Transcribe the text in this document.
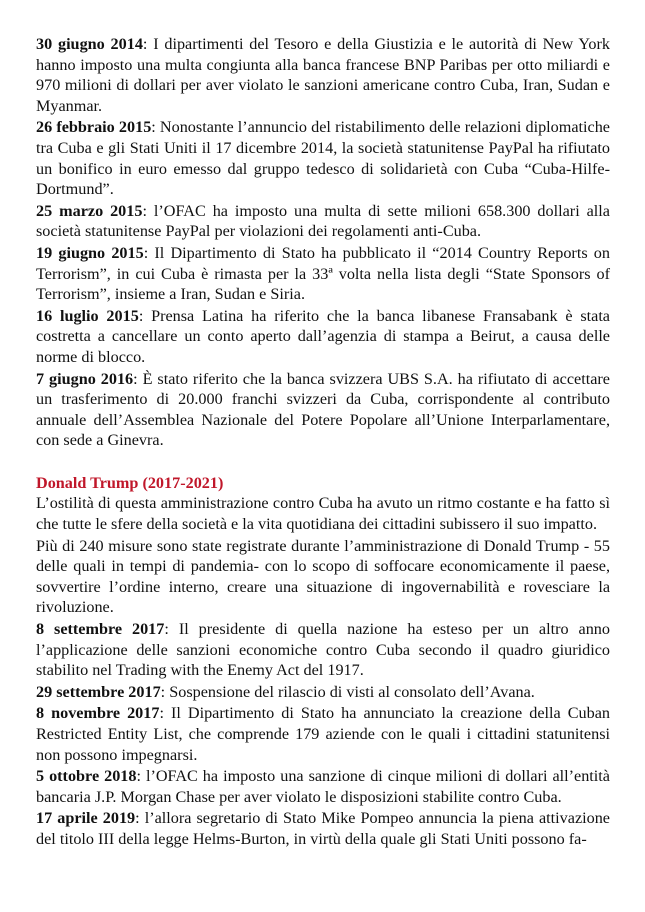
30 giugno 2014: I dipartimenti del Tesoro e della Giustizia e le autorità di New York hanno imposto una multa congiunta alla banca francese BNP Paribas per otto miliardi e 970 milioni di dollari per aver violato le sanzioni americane contro Cuba, Iran, Sudan e Myanmar.

26 febbraio 2015: Nonostante l’annuncio del ristabilimento delle relazioni diplomatiche tra Cuba e gli Stati Uniti il 17 dicembre 2014, la società statunitense PayPal ha rifiutato un bonifico in euro emesso dal gruppo tedesco di solidarietà con Cuba “Cuba-Hilfe-Dortmund”.

25 marzo 2015: l’OFAC ha imposto una multa di sette milioni 658.300 dollari alla società statunitense PayPal per violazioni dei regolamenti anti-Cuba.

19 giugno 2015: Il Dipartimento di Stato ha pubblicato il “2014 Country Reports on Terrorism”, in cui Cuba è rimasta per la 33ª volta nella lista degli “State Sponsors of Terrorism”, insieme a Iran, Sudan e Siria.

16 luglio 2015: Prensa Latina ha riferito che la banca libanese Fransabank è stata costretta a cancellare un conto aperto dall’agenzia di stampa a Beirut, a causa delle norme di blocco.

7 giugno 2016: È stato riferito che la banca svizzera UBS S.A. ha rifiutato di accettare un trasferimento di 20.000 franchi svizzeri da Cuba, corrispondente al contributo annuale dell’Assemblea Nazionale del Potere Popolare all’Unione Interparlamentare, con sede a Ginevra.

Donald Trump (2017-2021)

L’ostilità di questa amministrazione contro Cuba ha avuto un ritmo costante e ha fatto sì che tutte le sfere della società e la vita quotidiana dei cittadini subissero il suo impatto.

Più di 240 misure sono state registrate durante l’amministrazione di Donald Trump - 55 delle quali in tempi di pandemia- con lo scopo di soffocare economicamente il paese, sovvertire l’ordine interno, creare una situazione di ingovernabilità e rovesciare la rivoluzione.

8 settembre 2017: Il presidente di quella nazione ha esteso per un altro anno l’applicazione delle sanzioni economiche contro Cuba secondo il quadro giuridico stabilito nel Trading with the Enemy Act del 1917.

29 settembre 2017: Sospensione del rilascio di visti al consolato dell’Avana.

8 novembre 2017: Il Dipartimento di Stato ha annunciato la creazione della Cuban Restricted Entity List, che comprende 179 aziende con le quali i cittadini statunitensi non possono impegnarsi.

5 ottobre 2018: l’OFAC ha imposto una sanzione di cinque milioni di dollari all’entità bancaria J.P. Morgan Chase per aver violato le disposizioni stabilite contro Cuba.

17 aprile 2019: l’allora segretario di Stato Mike Pompeo annuncia la piena attivazione del titolo III della legge Helms-Burton, in virtù della quale gli Stati Uniti possono fa-
